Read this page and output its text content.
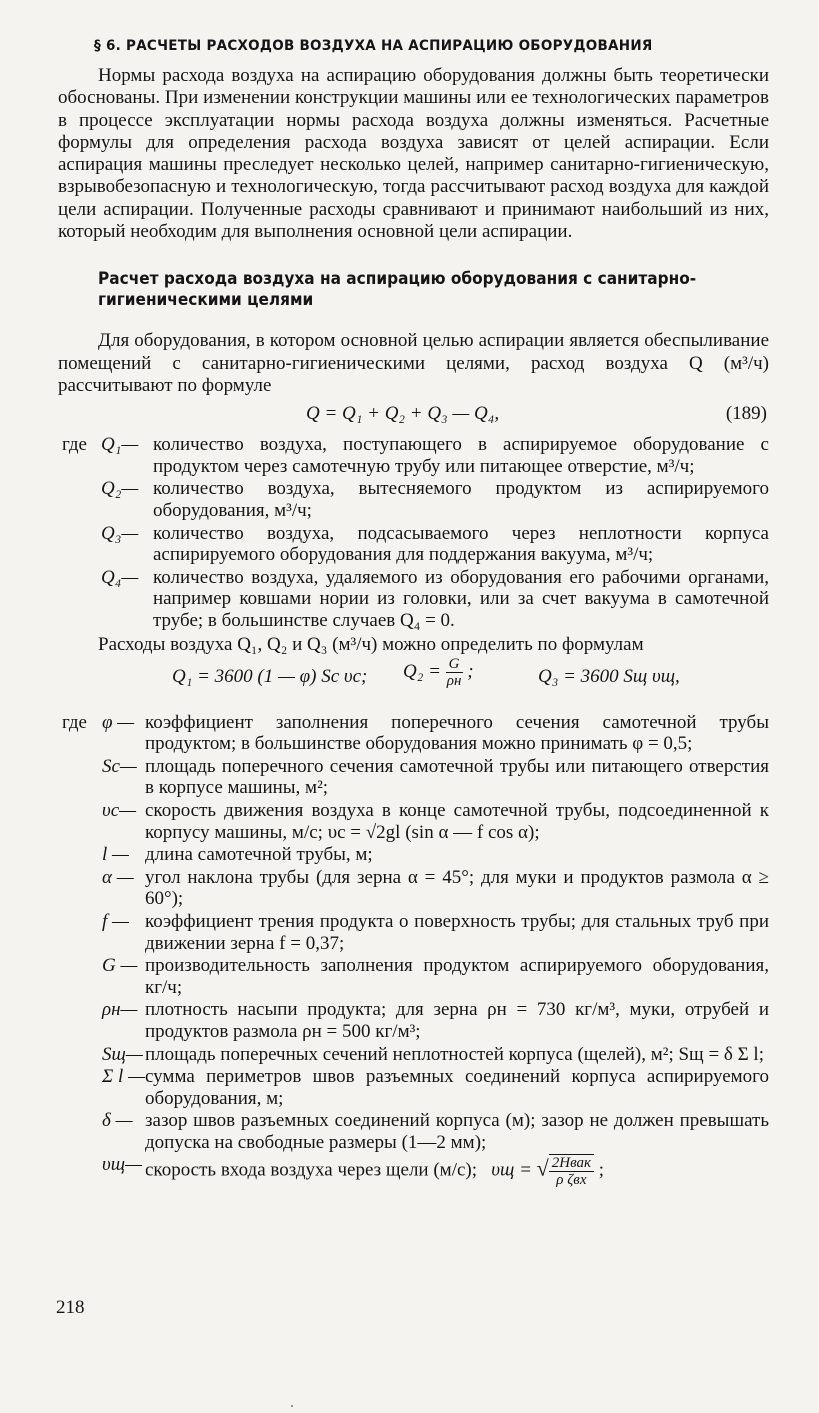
§ 6. РАСЧЕТЫ РАСХОДОВ ВОЗДУХА НА АСПИРАЦИЮ ОБОРУДОВАНИЯ

Нормы расхода воздуха на аспирацию оборудования должны быть теоретически обоснованы. При изменении конструкции машины или ее технологических параметров в процессе эксплуатации нормы расхода воздуха должны изменяться. Расчетные формулы для определения расхода воздуха зависят от целей аспирации. Если аспирация машины преследует несколько целей, например санитарно-гигиеническую, взрывобезопасную и технологическую, тогда рассчитывают расход воздуха для каждой цели аспирации. Полученные расходы сравнивают и принимают наибольший из них, который необходим для выполнения основной цели аспирации.

Расчет расхода воздуха на аспирацию оборудования с санитарно-гигиеническими целями

Для оборудования, в котором основной целью аспирации является обеспыливание помещений с санитарно-гигиеническими целями, расход воздуха Q (м³/ч) рассчитывают по формуле

Q = Q₁ + Q₂ + Q₃ — Q₄,	(189)
где Q₁— количество воздуха, поступающего в аспирируемое оборудование с продуктом через самотечную трубу или питающее отверстие, м³/ч;
Q₂— количество воздуха, вытесняемого продуктом из аспирируемого оборудования, м³/ч;
Q₃— количество воздуха, подсасываемого через неплотности корпуса аспирируемого оборудования для поддержания вакуума, м³/ч;
Q₄— количество воздуха, удаляемого из оборудования его рабочими органами, например ковшами нории из головки, или за счет вакуума в самотечной трубе; в большинстве случаев Q₄ = 0.

Расходы воздуха Q₁, Q₂ и Q₃ (м³/ч) можно определить по формулам

Q₁ = 3600 (1 — φ) Sс υс; $Q_2 = \frac{G}{\rho н}$ ;	Q₃ = 3600 Sщ υщ,
где φ — коэффициент заполнения поперечного сечения самотечной трубы продуктом; в большинстве оборудования можно принимать φ = 0,5;
Sс— площадь поперечного сечения самотечной трубы или питающего отверстия в корпусе машины, м²;
υс— скорость движения воздуха в конце самотечной трубы, подсоединенной к корпусу машины, м/с; υс = √2gl (sin α — f cos α);
l — длина самотечной трубы, м;
α — угол наклона трубы (для зерна α = 45°; для муки и продуктов размола α ≥ 60°);
f — коэффициент трения продукта о поверхность трубы; для стальных труб при движении зерна f = 0,37;
G — производительность заполнения продуктом аспирируемого оборудования, кг/ч;
ρн— плотность насыпи продукта; для зерна ρн = 730 кг/м³, муки, отрубей и продуктов размола ρн = 500 кг/м³;
Sщ— площадь поперечных сечений неплотностей корпуса (щелей), м²; Sщ = δ Σ l;
Σ l — сумма периметров швов разъемных соединений корпуса аспирируемого оборудования, м;
δ — зазор швов разъемных соединений корпуса (м); зазор не должен превышать допуска на свободные размеры (1—2 мм);
υщ— скорость входа воздуха через щели (м/с); υщ = √ $\frac{\text{2Hвак}}{\text{ρ ζвх}}$ ;
218
